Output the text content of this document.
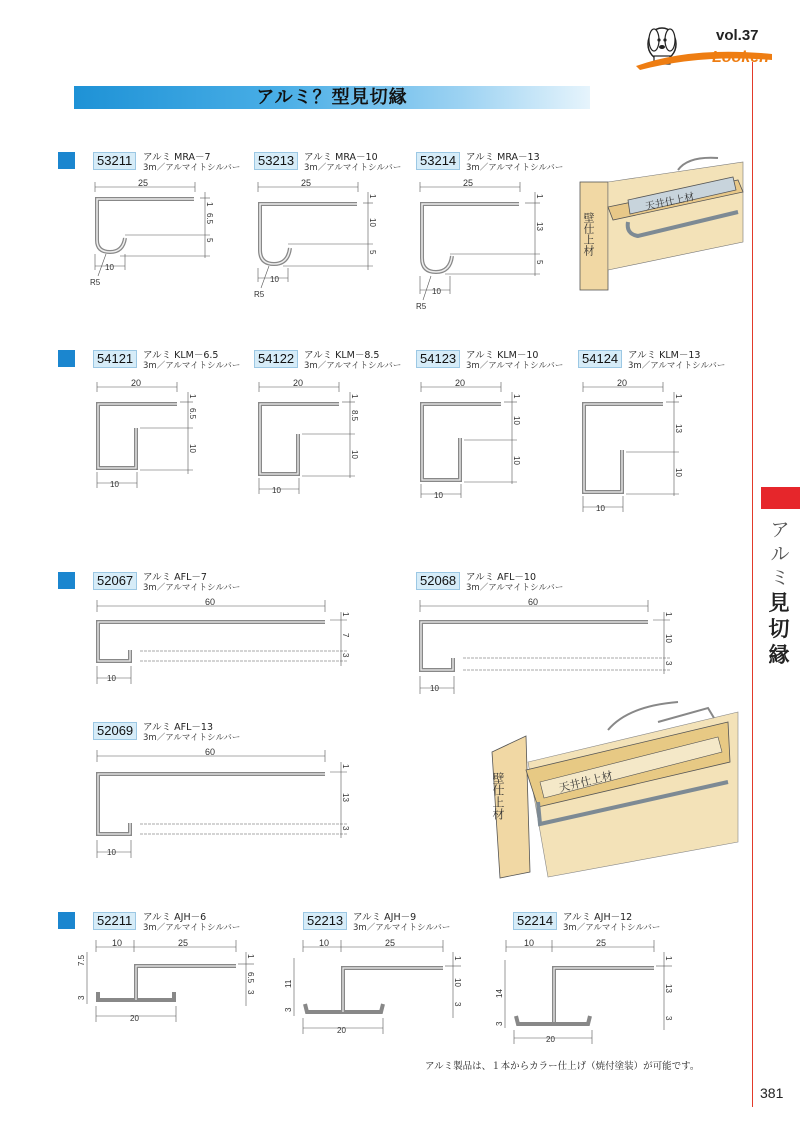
Looken
vol.37
アルミ？型見切縁
アルミ
見切縁
53211	アルミ MRA－7
3m／アルマイトシルバー	53213	アルミ MRA－10
3m／アルマイトシルバー	53214	アルミ MRA－13
3m／アルマイトシルバー
25
1
6.5
5
10
R5
25
1
10
5
10
R5
25
1
13
5
10
R5
壁仕上材
天井仕上材
54121	アルミ KLM－6.5
3m／アルマイトシルバー	54122	アルミ KLM－8.5
3m／アルマイトシルバー	54123	アルミ KLM－10
3m／アルマイトシルバー	54124	アルミ KLM－13
3m／アルマイトシルバー
20
1
6.5
10
10
20
1
8.5
10
10
20
1
10
10
10
20
1
13
10
10
52067	アルミ AFL－7
3m／アルマイトシルバー	52068	アルミ AFL－10
3m／アルマイトシルバー
60
1
7
3
10
60
1
10
3
10
52069	アルミ AFL－13
3m／アルマイトシルバー
60
1
13
3
10
壁仕上材	天井仕上材
52211	アルミ AJH－6
3m／アルマイトシルバー	52213	アルミ AJH－9
3m／アルマイトシルバー	52214	アルミ AJH－12
3m／アルマイトシルバー
10	25
1
7.5
6.5
3
3
20
10	25
1
11	10
3
3
20
10	25
1
14
13
3
3
20
アルミ製品は、１本からカラー仕上げ（焼付塗装）が可能です。
381
